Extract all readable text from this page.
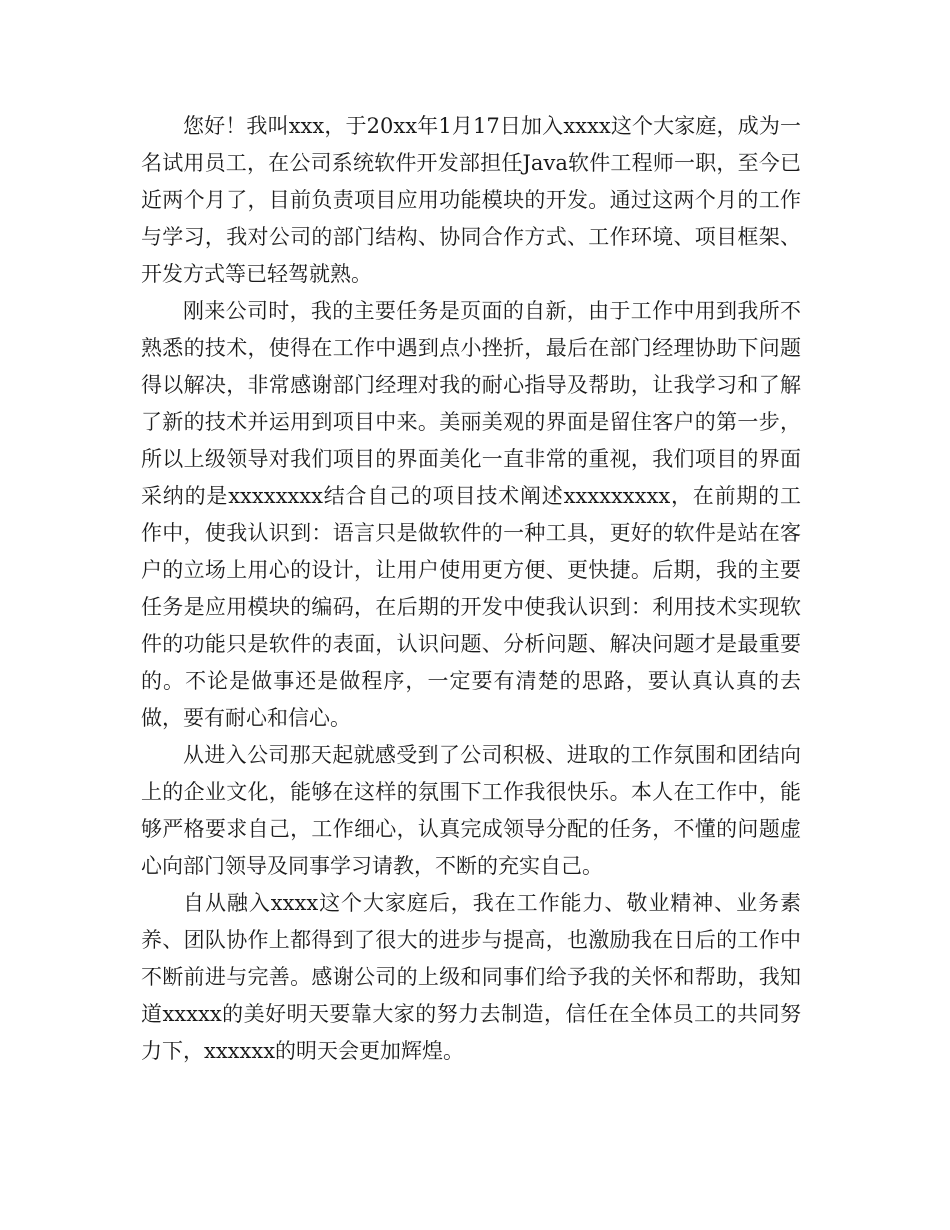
您好！我叫xxx，于20xx年1月17日加入xxxx这个大家庭，成为一名试用员工，在公司系统软件开发部担任Java软件工程师一职，至今已近两个月了，目前负责项目应用功能模块的开发。通过这两个月的工作与学习，我对公司的部门结构、协同合作方式、工作环境、项目框架、开发方式等已轻驾就熟。

刚来公司时，我的主要任务是页面的自新，由于工作中用到我所不熟悉的技术，使得在工作中遇到点小挫折，最后在部门经理协助下问题得以解决，非常感谢部门经理对我的耐心指导及帮助，让我学习和了解了新的技术并运用到项目中来。美丽美观的界面是留住客户的第一步，所以上级领导对我们项目的界面美化一直非常的重视，我们项目的界面采纳的是xxxxxxxx结合自己的项目技术阐述xxxxxxxxx，在前期的工作中，使我认识到：语言只是做软件的一种工具，更好的软件是站在客户的立场上用心的设计，让用户使用更方便、更快捷。后期，我的主要任务是应用模块的编码，在后期的开发中使我认识到：利用技术实现软件的功能只是软件的表面，认识问题、分析问题、解决问题才是最重要的。不论是做事还是做程序，一定要有清楚的思路，要认真认真的去做，要有耐心和信心。

从进入公司那天起就感受到了公司积极、进取的工作氛围和团结向上的企业文化，能够在这样的氛围下工作我很快乐。本人在工作中，能够严格要求自己，工作细心，认真完成领导分配的任务，不懂的问题虚心向部门领导及同事学习请教，不断的充实自己。

自从融入xxxx这个大家庭后，我在工作能力、敬业精神、业务素养、团队协作上都得到了很大的进步与提高，也激励我在日后的工作中不断前进与完善。感谢公司的上级和同事们给予我的关怀和帮助，我知道xxxxx的美好明天要靠大家的努力去制造，信任在全体员工的共同努力下，xxxxxx的明天会更加辉煌。
